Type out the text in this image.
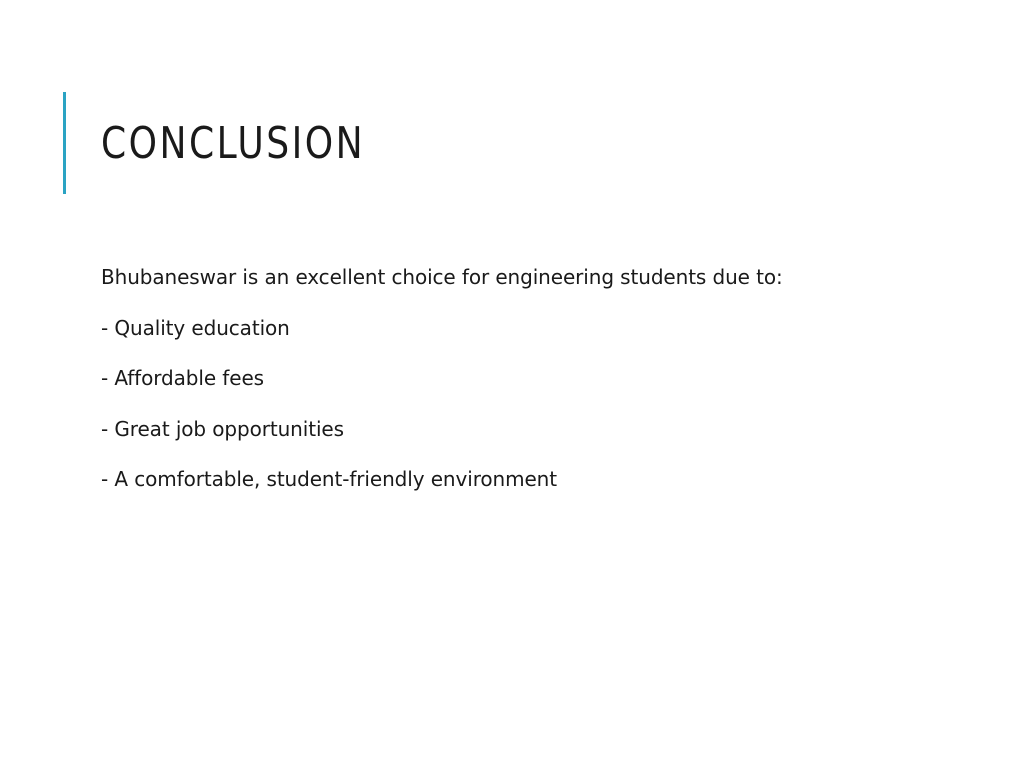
CONCLUSION

Bhubaneswar is an excellent choice for engineering students due to:

- Quality education

- Affordable fees

- Great job opportunities

- A comfortable, student-friendly environment
